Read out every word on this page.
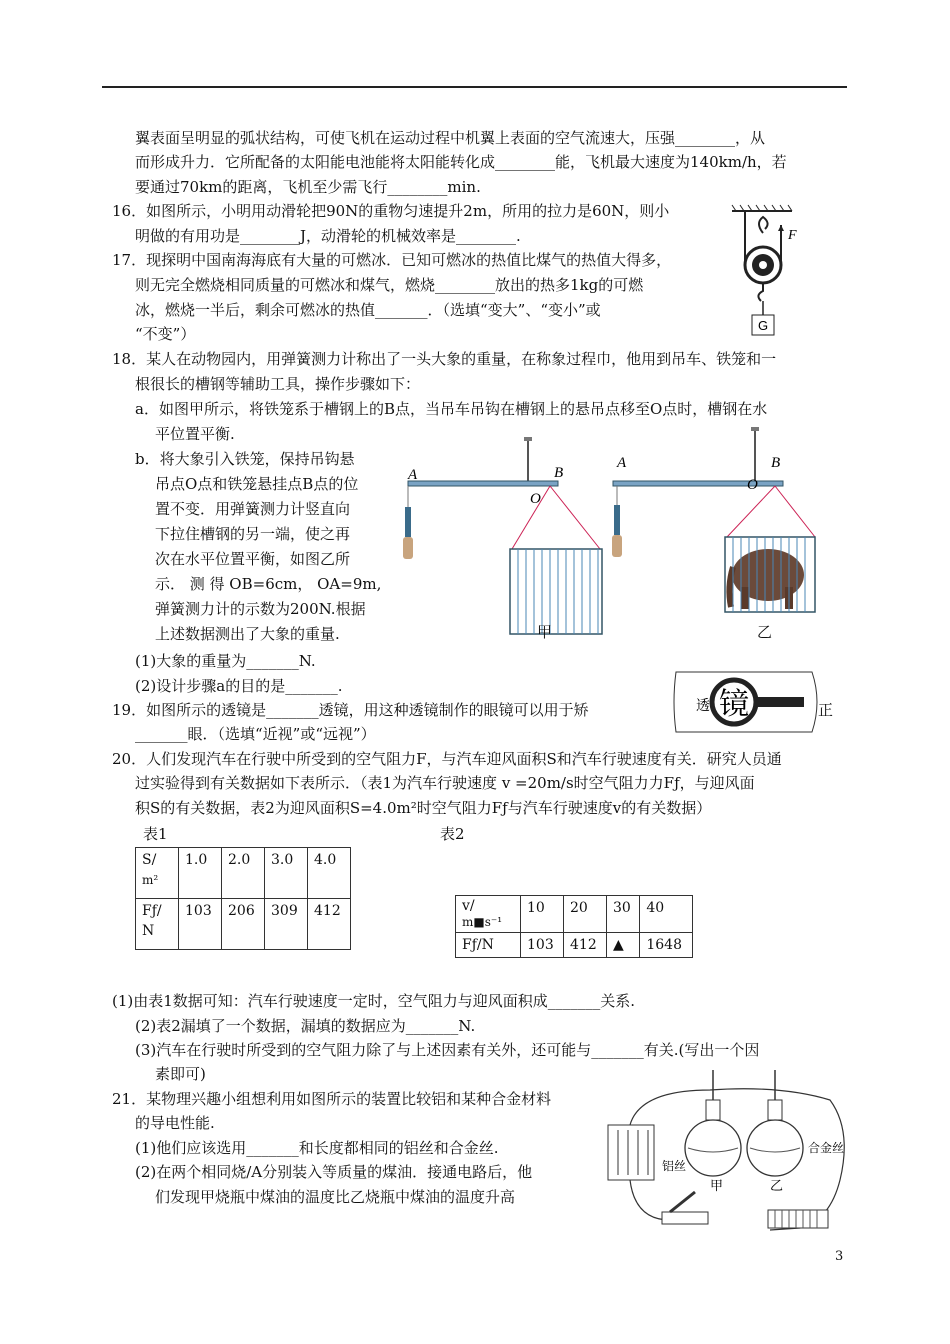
翼表面呈明显的弧状结构，可使飞机在运动过程中机翼上表面的空气流速大，压强________，从
而形成升力．它所配备的太阳能电池能将太阳能转化成________能，飞机最大速度为140km/h，若
要通过70km的距离，飞机至少需飞行________min.
16．如图所示，小明用动滑轮把90N的重物匀速提升2m，所用的拉力是60N，则小
明做的有用功是________J，动滑轮的机械效率是________.
G
F
17．现探明中国南海海底有大量的可燃冰．已知可燃冰的热值比煤气的热值大得多，
则无完全燃烧相同质量的可燃冰和煤气，燃烧________放出的热多1kg的可燃
冰，燃烧一半后，剩余可燃冰的热值_______．（选填“变大”、“变小”或
“不变”）
18．某人在动物园内，用弹簧测力计称出了一头大象的重量，在称象过程巾，他用到吊车、铁笼和一
根很长的槽钢等辅助工具，操作步骤如下：
a．如图甲所示，将铁笼系于槽钢上的B点，当吊车吊钩在槽钢上的悬吊点移至O点时，槽钢在水
平位置平衡.
b．将大象引入铁笼，保持吊钩悬
吊点O点和铁笼悬挂点B点的位
置不变．用弹簧测力计竖直向
下拉住槽钢的另一端，使之再
次在水平位置平衡，如图乙所
示． 测 得 OB=6cm， OA=9m,
弹簧测力计的示数为200N.根据
上述数据测出了大象的重量.
(1)大象的重量为_______N.
(2)设计步骤a的目的是_______.
A	B
O
甲
A	B
O
乙
19．如图所示的透镜是_______透镜，用这种透镜制作的眼镜可以用于矫	正
_______眼．（选填“近视”或“远视”）
透 镜
20．人们发现汽车在行驶中所受到的空气阻力F，与汽车迎风面积S和汽车行驶速度有关．研究人员通
过实验得到有关数据如下表所示．（表1为汽车行驶速度 v =20m/s时空气阻力力Fƒ，与迎风面
积S的有关数据，表2为迎风面积S=4.0m²时空气阻力Fƒ与汽车行驶速度v的有关数据）
表1	表2
S/
m²	1.0	2.0	3.0	4.0
Fƒ/
N	103	206	309	412	v/
m■s⁻¹	10	20	30	40
Fƒ/N	103	412	▲	1648
(1)由表1数据可知：汽车行驶速度一定时，空气阻力与迎风面积成_______关系.
(2)表2漏填了一个数据，漏填的数据应为_______N.
(3)汽车在行驶时所受到的空气阻力除了与上述因素有关外，还可能与_______有关.(写出一个因
素即可)
21．某物理兴趣小组想利用如图所示的装置比较铝和某种合金材料
的导电性能.
(1)他们应该选用_______和长度都相同的铝丝和合金丝.
(2)在两个相同烧/A分别装入等质量的煤油．接通电路后，他
们发现甲烧瓶中煤油的温度比乙烧瓶中煤油的温度升高
铝丝
甲	乙
合金丝
3
